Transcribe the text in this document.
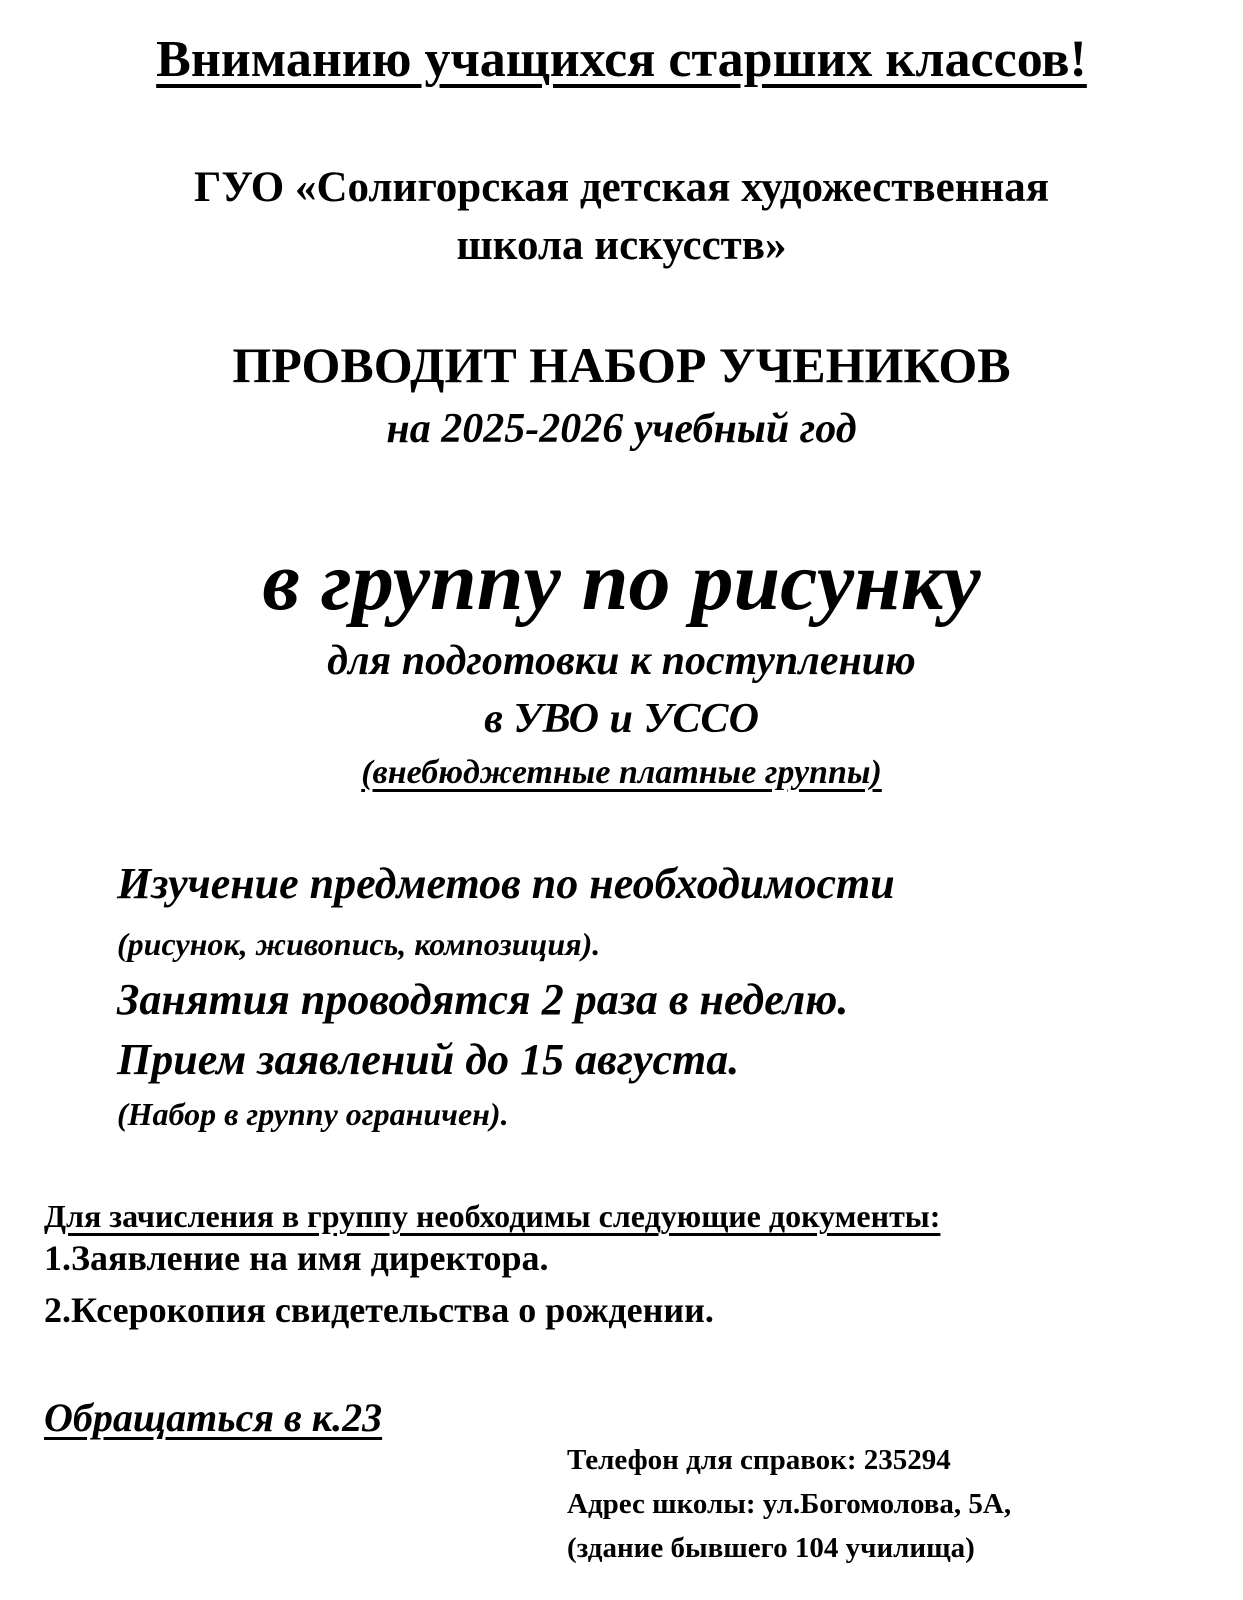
Вниманию учащихся старших классов!
ГУО «Солигорская детская художественная
школа искусств»
ПРОВОДИТ НАБОР УЧЕНИКОВ
на 2025-2026 учебный год
в группу по рисунку
для подготовки к поступлению
в УВО и УССО
(внебюджетные платные группы)
Изучение предметов по необходимости
(рисунок, живопись, композиция).
Занятия проводятся 2 раза в неделю.
Прием заявлений до 15 августа.
(Набор в группу ограничен).
Для зачисления в группу необходимы следующие документы:
1.Заявление на имя директора.
2.Ксерокопия свидетельства о рождении.
Обращаться в к.23
Телефон для справок: 235294
Адрес школы: ул.Богомолова, 5А,
(здание бывшего 104 училища)
